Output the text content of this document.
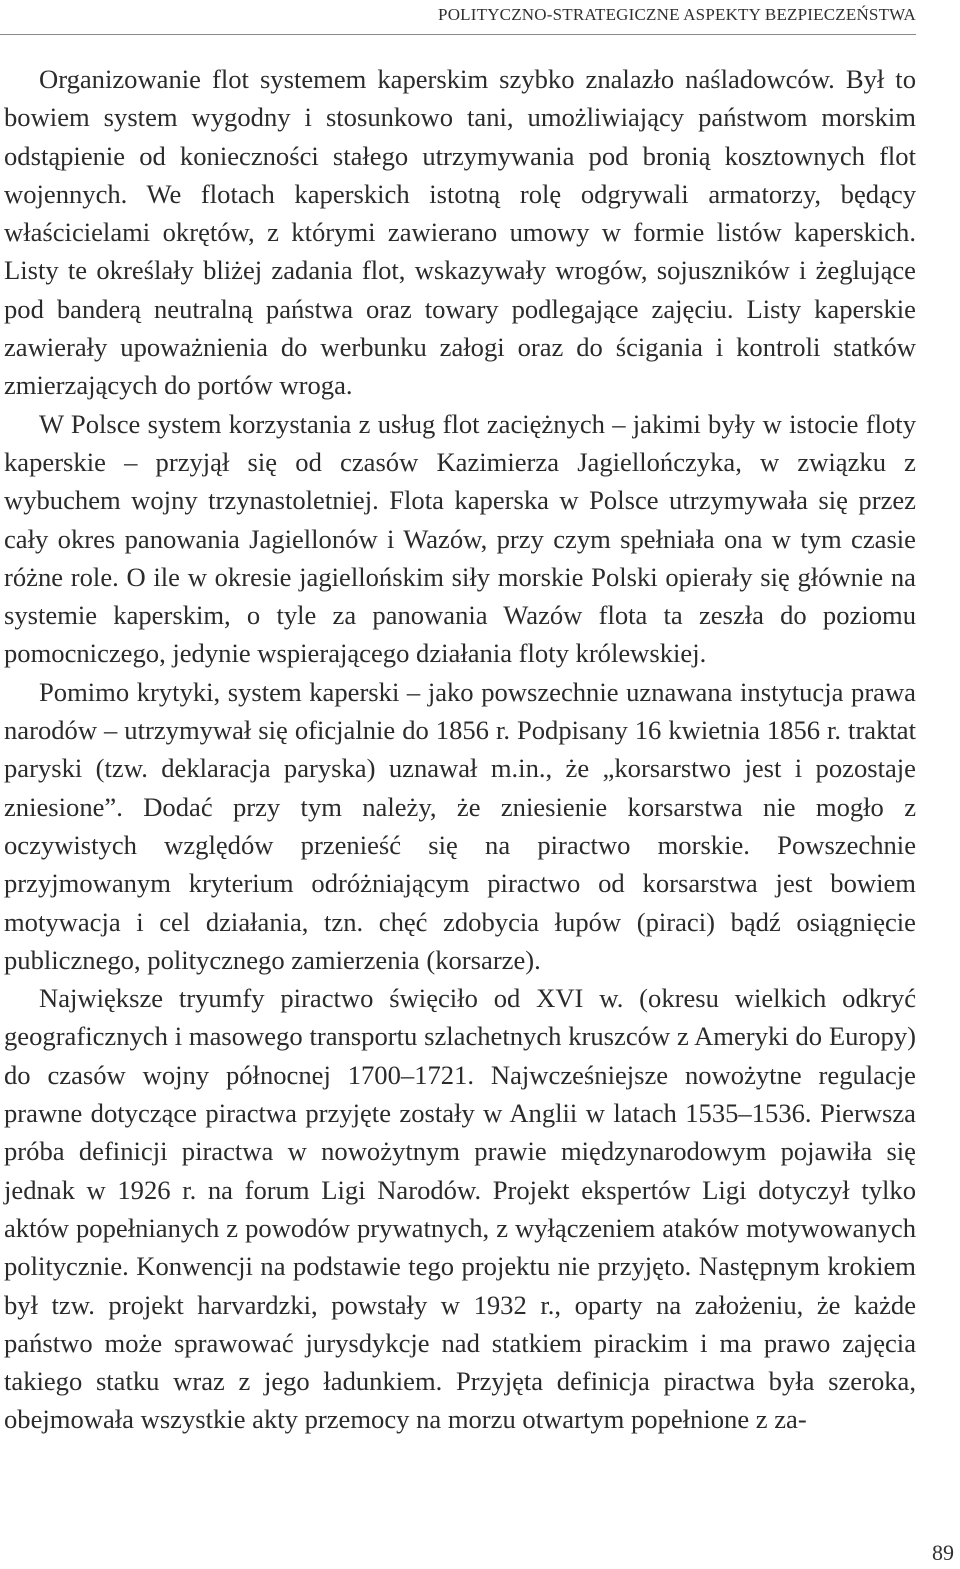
POLITYCZNO-STRATEGICZNE ASPEKTY BEZPIECZEŃSTWA

Organizowanie flot systemem kaperskim szybko znalazło naśladowców. Był to bowiem system wygodny i stosunkowo tani, umożliwiający państwom morskim odstąpienie od konieczności stałego utrzymywania pod bronią kosztownych flot wojennych. We flotach kaperskich istotną rolę odgrywali armatorzy, będący właścicielami okrętów, z którymi zawierano umowy w formie listów kaperskich. Listy te określały bliżej zadania flot, wskazywały wrogów, sojuszników i żeglujące pod banderą neutralną państwa oraz towary podlegające zajęciu. Listy kaperskie zawierały upoważnienia do werbunku załogi oraz do ścigania i kontroli statków zmierzających do portów wroga.

W Polsce system korzystania z usług flot zaciężnych – jakimi były w istocie floty kaperskie – przyjął się od czasów Kazimierza Jagiellończyka, w związku z wybuchem wojny trzynastoletniej. Flota kaperska w Polsce utrzymywała się przez cały okres panowania Jagiellonów i Wazów, przy czym spełniała ona w tym czasie różne role. O ile w okresie jagiellońskim siły morskie Polski opierały się głównie na systemie kaperskim, o tyle za panowania Wazów flota ta zeszła do poziomu pomocniczego, jedynie wspierającego działania floty królewskiej.

Pomimo krytyki, system kaperski – jako powszechnie uznawana instytucja prawa narodów – utrzymywał się oficjalnie do 1856 r. Podpisany 16 kwietnia 1856 r. traktat paryski (tzw. deklaracja paryska) uznawał m.in., że „korsarstwo jest i pozostaje zniesione”. Dodać przy tym należy, że zniesienie korsarstwa nie mogło z oczywistych względów przenieść się na piractwo morskie. Powszechnie przyjmowanym kryterium odróżniającym piractwo od korsarstwa jest bowiem motywacja i cel działania, tzn. chęć zdobycia łupów (piraci) bądź osiągnięcie publicznego, politycznego zamierzenia (korsarze).

Największe tryumfy piractwo święciło od XVI w. (okresu wielkich odkryć geograficznych i masowego transportu szlachetnych kruszców z Ameryki do Europy) do czasów wojny północnej 1700–1721. Najwcześniejsze nowożytne regulacje prawne dotyczące piractwa przyjęte zostały w Anglii w latach 1535–1536. Pierwsza próba definicji piractwa w nowożytnym prawie międzynarodowym pojawiła się jednak w 1926 r. na forum Ligi Narodów. Projekt ekspertów Ligi dotyczył tylko aktów popełnianych z powodów prywatnych, z wyłączeniem ataków motywowanych politycznie. Konwencji na podstawie tego projektu nie przyjęto. Następnym krokiem był tzw. projekt harvardzki, powstały w 1932 r., oparty na założeniu, że każde państwo może sprawować jurysdykcje nad statkiem pirackim i ma prawo zajęcia takiego statku wraz z jego ładunkiem. Przyjęta definicja piractwa była szeroka, obejmowała wszystkie akty przemocy na morzu otwartym popełnione z za-

89
